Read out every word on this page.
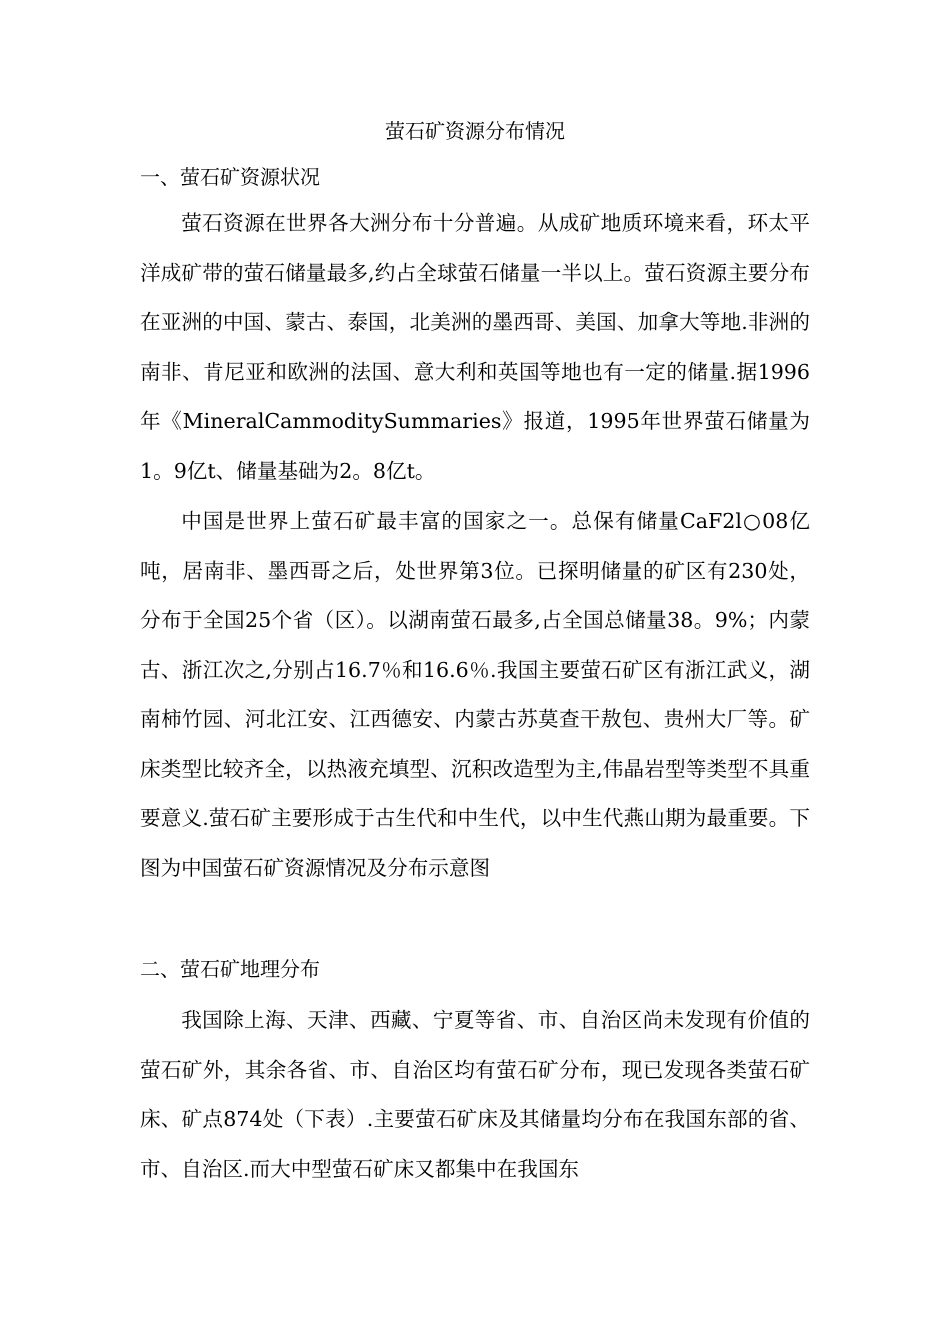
萤石矿资源分布情况

一、萤石矿资源状况

萤石资源在世界各大洲分布十分普遍。从成矿地质环境来看，环太平洋成矿带的萤石储量最多,约占全球萤石储量一半以上。萤石资源主要分布在亚洲的中国、蒙古、泰国，北美洲的墨西哥、美国、加拿大等地.非洲的南非、肯尼亚和欧洲的法国、意大利和英国等地也有一定的储量.据1996年《MineralCammoditySummaries》报道，1995年世界萤石储量为1。9亿t、储量基础为2。8亿t。

中国是世界上萤石矿最丰富的国家之一。总保有储量CaF2l○08亿吨，居南非、墨西哥之后，处世界第3位。已探明储量的矿区有230处，分布于全国25个省（区）。以湖南萤石最多,占全国总储量38。9%；内蒙古、浙江次之,分别占16.7％和16.6％.我国主要萤石矿区有浙江武义，湖南柿竹园、河北江安、江西德安、内蒙古苏莫查干敖包、贵州大厂等。矿床类型比较齐全，以热液充填型、沉积改造型为主,伟晶岩型等类型不具重要意义.萤石矿主要形成于古生代和中生代，以中生代燕山期为最重要。下图为中国萤石矿资源情况及分布示意图

二、萤石矿地理分布

我国除上海、天津、西藏、宁夏等省、市、自治区尚未发现有价值的萤石矿外，其余各省、市、自治区均有萤石矿分布，现已发现各类萤石矿床、矿点874处（下表）.主要萤石矿床及其储量均分布在我国东部的省、市、自治区.而大中型萤石矿床又都集中在我国东
